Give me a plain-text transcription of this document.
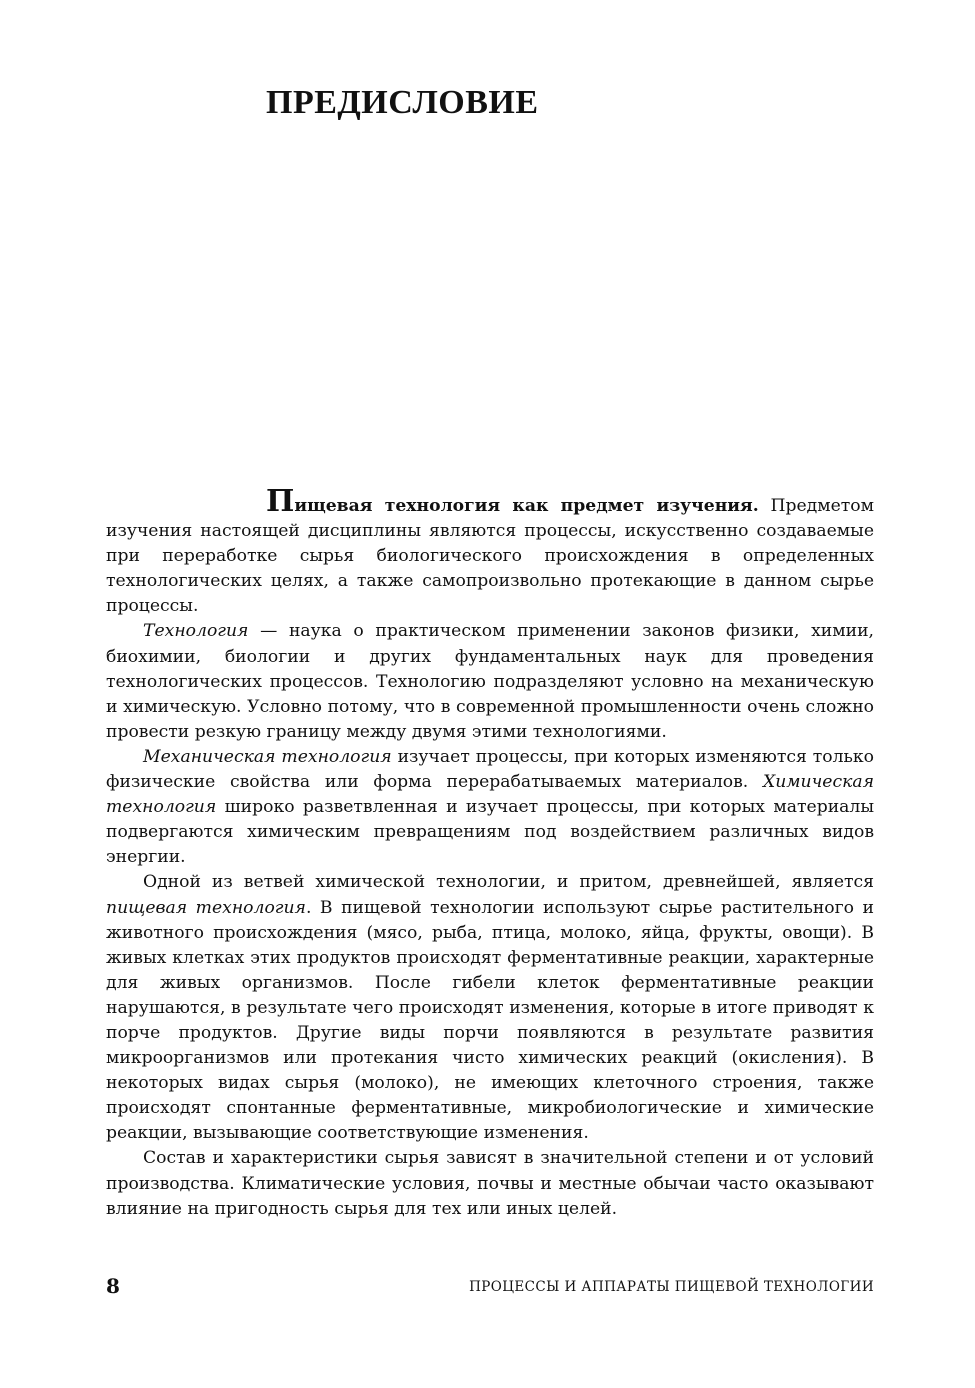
ПРЕДИСЛОВИЕ

Пищевая технология как предмет изучения. Предметом изучения настоящей дисциплины являются процессы, искусственно создаваемые при переработке сырья биологического происхождения в определенных технологических целях, а также самопроизвольно протекающие в данном сырье процессы.

Технология — наука о практическом применении законов физики, химии, биохимии, биологии и других фундаментальных наук для проведения технологических процессов. Технологию подразделяют условно на механическую и химическую. Условно потому, что в современной промышленности очень сложно провести резкую границу между двумя этими технологиями.

Механическая технология изучает процессы, при которых изменяются только физические свойства или форма перерабатываемых материалов. Химическая технология широко разветвленная и изучает процессы, при которых материалы подвергаются химическим превращениям под воздействием различных видов энергии.

Одной из ветвей химической технологии, и притом, древнейшей, является пищевая технология. В пищевой технологии используют сырье растительного и животного происхождения (мясо, рыба, птица, молоко, яйца, фрукты, овощи). В живых клетках этих продуктов происходят ферментaтивные реакции, характерные для живых организмов. После гибели клеток ферментативные реакции нарушаются, в результате чего происходят изменения, которые в итоге приводят к порче продуктов. Другие виды порчи появляются в результате развития микроорганизмов или протекания чисто химических реакций (окисления). В некоторых видах сырья (молоко), не имеющих клеточного строения, также происходят спонтанные ферментативные, микробиологические и химические реакции, вызывающие соответствующие изменения.

Состав и характеристики сырья зависят в значительной степени и от условий производства. Климатические условия, почвы и местные обычаи часто оказывают влияние на пригодность сырья для тех или иных целей.

8	ПРОЦЕССЫ И АППАРАТЫ ПИЩЕВОЙ ТЕХНОЛОГИИ
